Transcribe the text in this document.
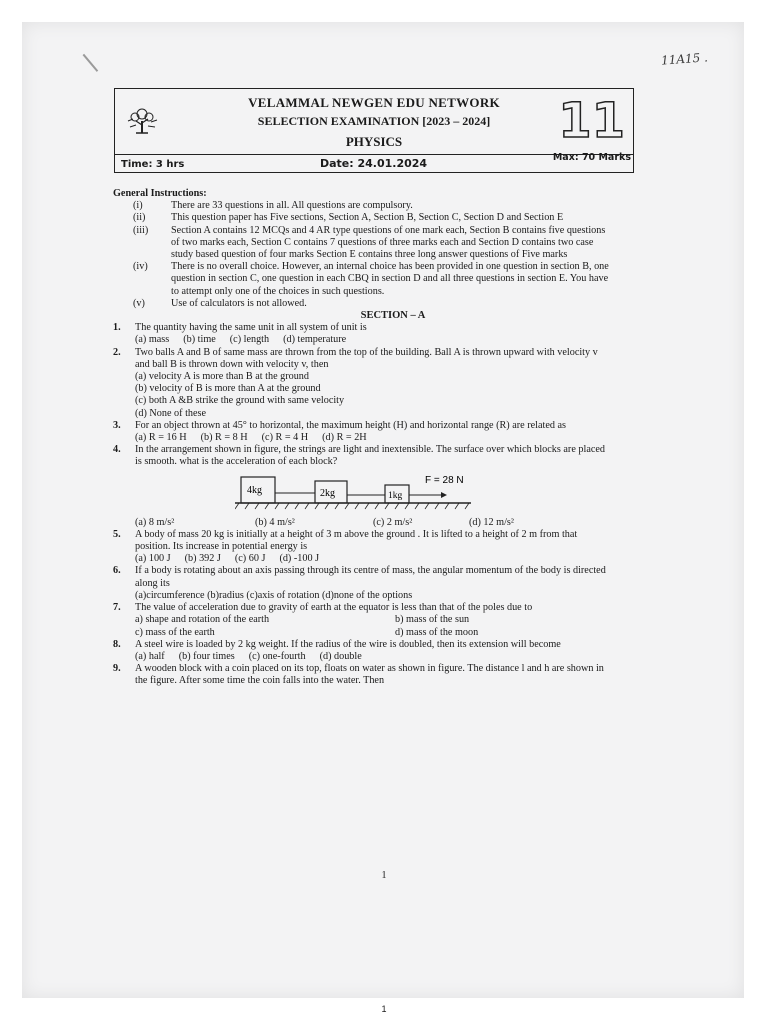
11A15 .
VELAMMAL NEWGEN EDU NETWORK
SELECTION EXAMINATION [2023 – 2024]
PHYSICS	11
Time: 3 hrs	Date: 24.01.2024	Max: 70 Marks
General Instructions:
(i)	There are 33 questions in all. All questions are compulsory.
(ii)	This question paper has Five sections, Section A, Section B, Section C, Section D and Section E
(iii)	Section A contains 12 MCQs and 4 AR type questions of one mark each, Section B contains five questions of two marks each, Section C contains 7 questions of three marks each and Section D contains two case study based question of four marks Section E contains three long answer questions of Five marks
(iv)	There is no overall choice. However, an internal choice has been provided in one question in section B, one question in section C, one question in each CBQ in section D and all three questions in section E. You have to attempt only one of the choices in such questions.
(v)	Use of calculators is not allowed.
SECTION – A
1.	The quantity having the same unit in all system of unit is
(a) mass (b) time (c) length (d) temperature
2.	Two balls A and B of same mass are thrown from the top of the building. Ball A is thrown upward with velocity v and ball B is thrown down with velocity v, then
(a) velocity A is more than B at the ground
(b) velocity of B is more than A at the ground
(c) both A &B strike the ground with same velocity
(d) None of these
3.	For an object thrown at 45° to horizontal, the maximum height (H) and horizontal range (R) are related as
(a) R = 16 H (b) R = 8 H (c) R = 4 H (d) R = 2H
4.	In the arrangement shown in figure, the strings are light and inextensible. The surface over which blocks are placed is smooth. what is the acceleration of each block?
4kg	2kg	1kg
F = 28 N
(a) 8 m/s²	(b) 4 m/s²	(c) 2 m/s²	(d) 12 m/s²
5.	A body of mass 20 kg is initially at a height of 3 m above the ground . It is lifted to a height of 2 m from that position. Its increase in potential energy is
(a) 100 J (b) 392 J (c) 60 J (d) -100 J
6.	If a body is rotating about an axis passing through its centre of mass, the angular momentum of the body is directed along its
(a)circumference (b)radius (c)axis of rotation (d)none of the options
7.	The value of acceleration due to gravity of earth at the equator is less than that of the poles due to
a) shape and rotation of the earth	b) mass of the sun
c) mass of the earth	d) mass of the moon
8.	A steel wire is loaded by 2 kg weight. If the radius of the wire is doubled, then its extension will become
(a) half (b) four times (c) one-fourth (d) double
9.	A wooden block with a coin placed on its top, floats on water as shown in figure. The distance l and h are shown in the figure. After some time the coin falls into the water. Then
1
1
